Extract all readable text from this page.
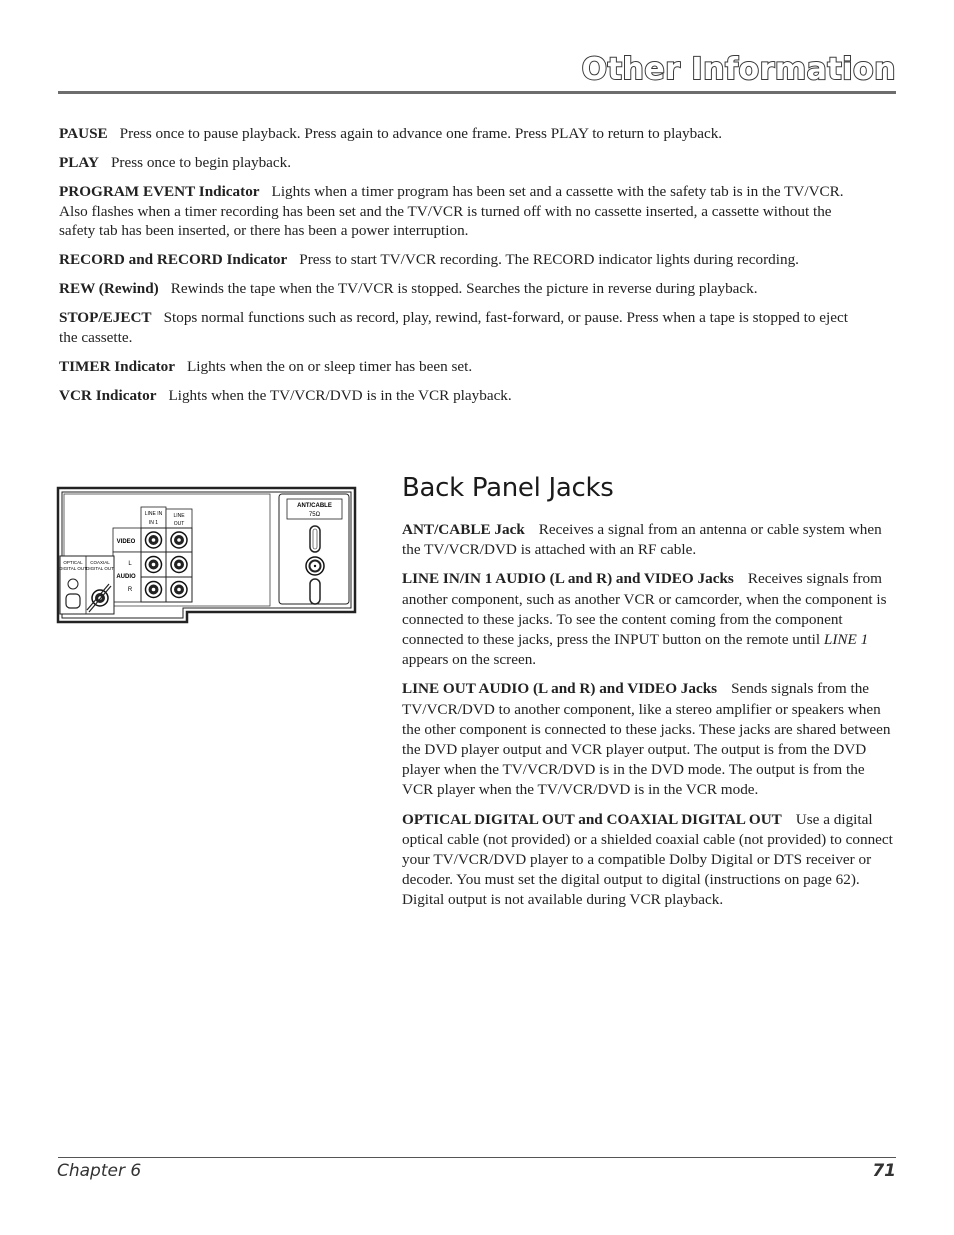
Other Information

PAUSE Press once to pause playback. Press again to advance one frame. Press PLAY to return to playback.

PLAY Press once to begin playback.

PROGRAM EVENT Indicator Lights when a timer program has been set and a cassette with the safety tab is in the TV/VCR. Also flashes when a timer recording has been set and the TV/VCR is turned off with no cassette inserted, a cassette without the safety tab has been inserted, or there has been a power interruption.

RECORD and RECORD Indicator Press to start TV/VCR recording. The RECORD indicator lights during recording.

REW (Rewind) Rewinds the tape when the TV/VCR is stopped. Searches the picture in reverse during playback.

STOP/EJECT Stops normal functions such as record, play, rewind, fast-forward, or pause. Press when a tape is stopped to eject the cassette.

TIMER Indicator Lights when the on or sleep timer has been set.

VCR Indicator Lights when the TV/VCR/DVD is in the VCR playback.

LINE IN
IN 1
LINE
OUT
VIDEO
L
AUDIO
R
OPTICAL
DIGITAL OUT
COAXIAL
DIGITAL OUT
ANT/CABLE
75Ω
Back Panel Jacks

ANT/CABLE Jack Receives a signal from an antenna or cable system when the TV/VCR/DVD is attached with an RF cable.

LINE IN/IN 1 AUDIO (L and R) and VIDEO Jacks Receives signals from another component, such as another VCR or camcorder, when the component is connected to these jacks. To see the content coming from the component connected to these jacks, press the INPUT button on the remote until LINE 1 appears on the screen.

LINE OUT AUDIO (L and R) and VIDEO Jacks Sends signals from the TV/VCR/DVD to another component, like a stereo amplifier or speakers when the other component is connected to these jacks. These jacks are shared between the DVD player output and VCR player output. The output is from the DVD player when the TV/VCR/DVD is in the DVD mode. The output is from the VCR player when the TV/VCR/DVD is in the VCR mode.

OPTICAL DIGITAL OUT and COAXIAL DIGITAL OUT Use a digital optical cable (not provided) or a shielded coaxial cable (not provided) to connect your TV/VCR/DVD player to a compatible Dolby Digital or DTS receiver or decoder. You must set the digital output to digital (instructions on page 62). Digital output is not available during VCR playback.

Chapter 6	71
